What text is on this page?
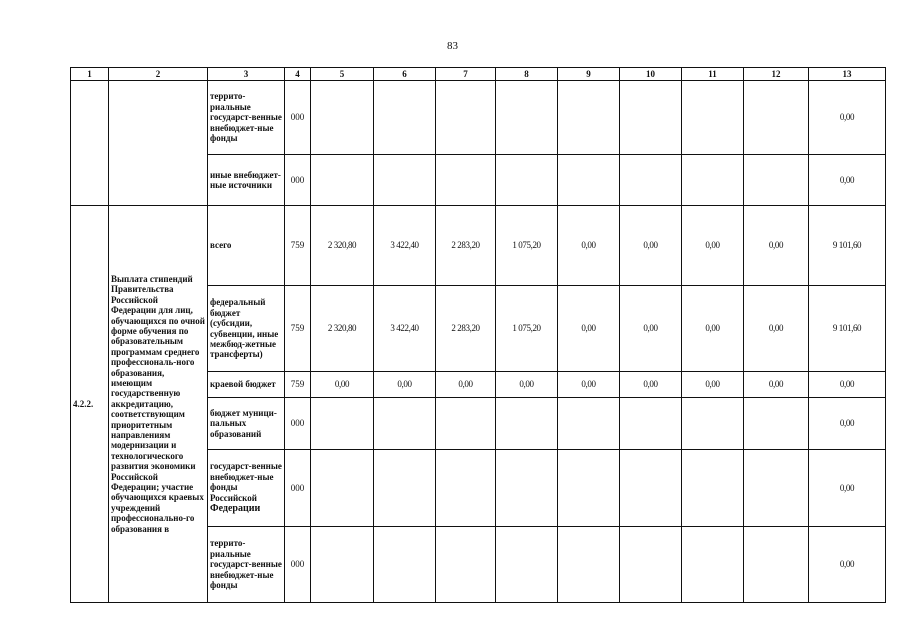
83
1	2	3	4	5	6	7	8	9	10	11	12	13
		террито-риальные государст-венные внебюджет-ные фонды	000									0,00
		иные внебюджет-ные источники	000									0,00
4.2.2.	Выплата стипендий Правительства Российской Федерации для лиц, обучающихся по очной форме обучения по образовательным программам среднего профессиональ-ного образования, имеющим государственную аккредитацию, соответствующим приоритетным направлениям модернизации и технологического развития экономики Российской Федерации; участие обучающихся краевых учреждений профессионально-го образования в	всего	759	2 320,80	3 422,40	2 283,20	1 075,20	0,00	0,00	0,00	0,00	9 101,60
		федеральный бюджет (субсидии, субвенции, иные межбюд-жетные трансферты)	759	2 320,80	3 422,40	2 283,20	1 075,20	0,00	0,00	0,00	0,00	9 101,60
		краевой бюджет	759	0,00	0,00	0,00	0,00	0,00	0,00	0,00	0,00	0,00
		бюджет муници-пальных образований	000									0,00
		государст-венные внебюджет-ные фонды Российской Федерации	000									0,00
		террито-риальные государст-венные внебюджет-ные фонды	000									0,00
